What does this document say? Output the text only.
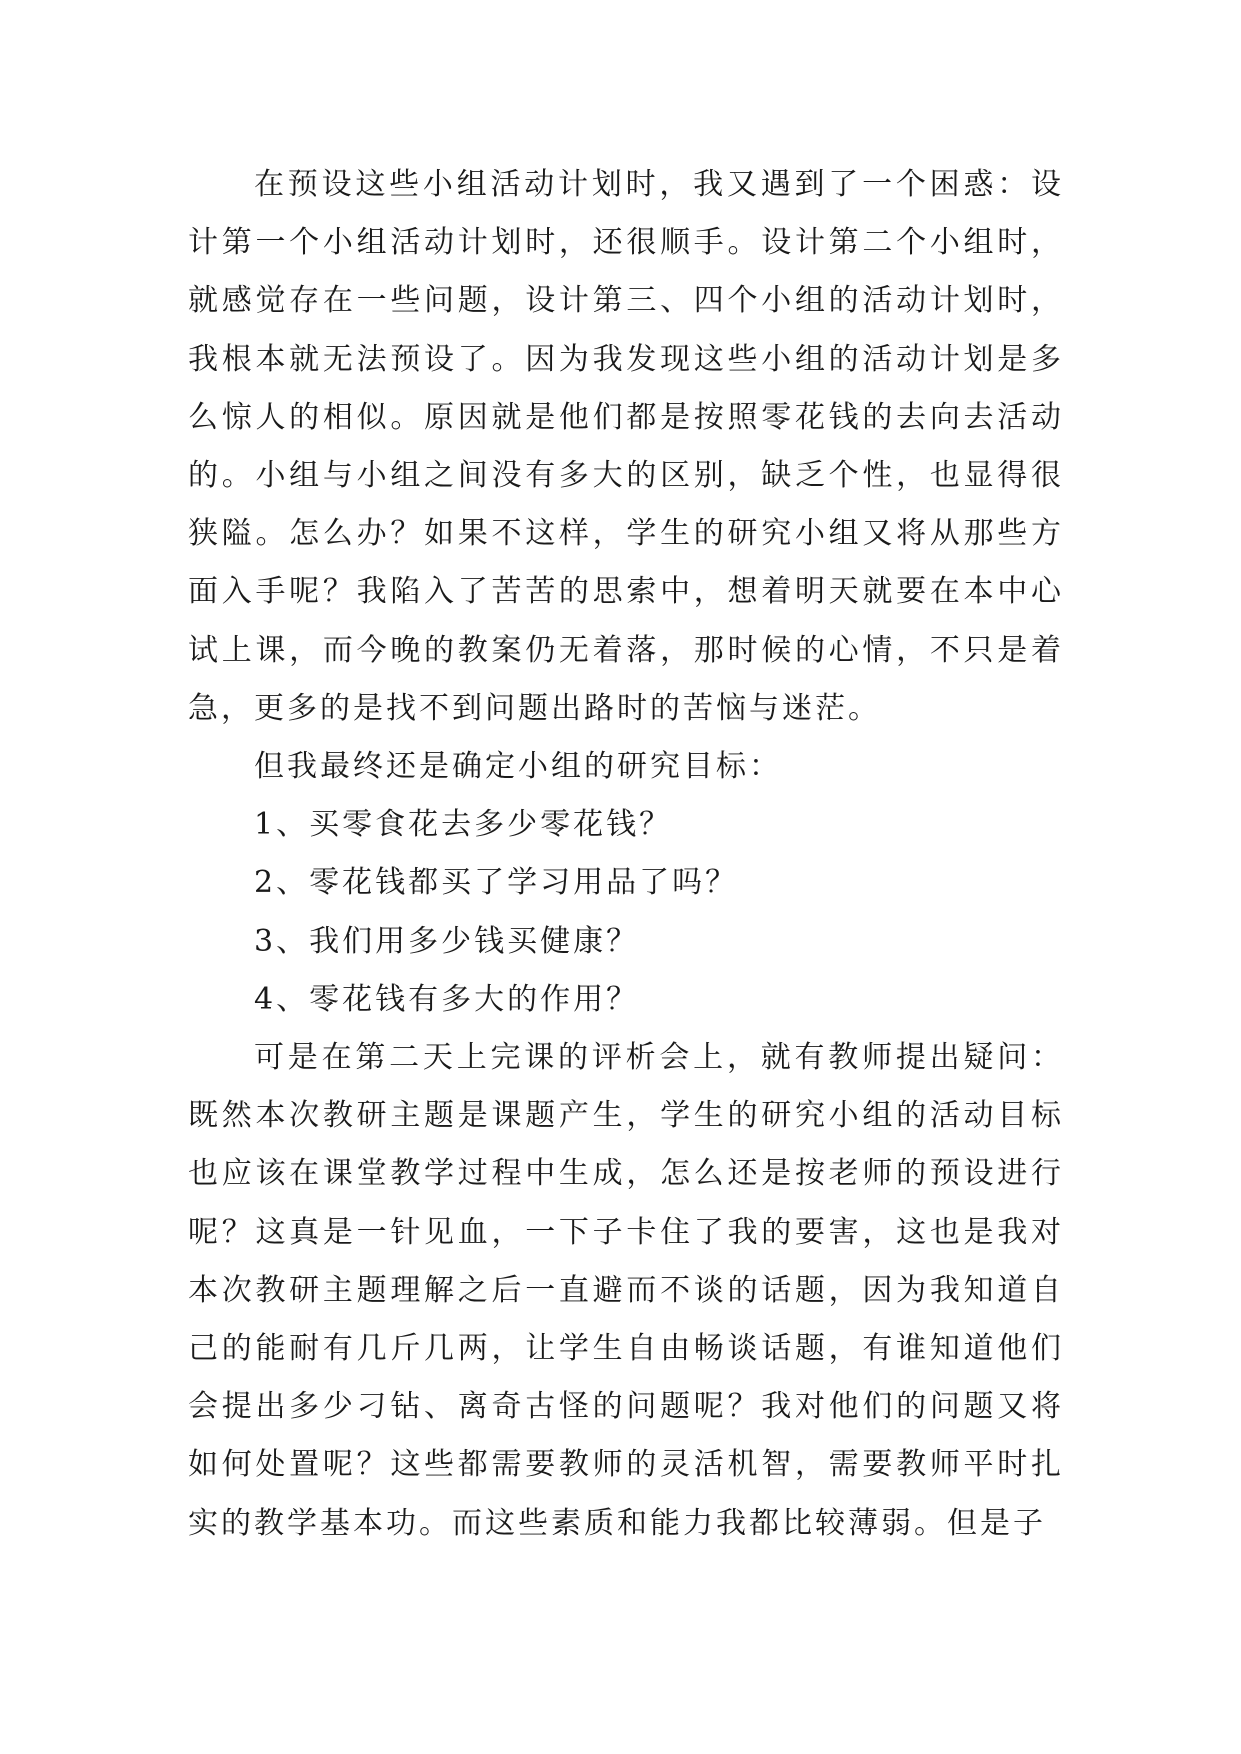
在预设这些小组活动计划时，我又遇到了一个困惑：设计第一个小组活动计划时，还很顺手。设计第二个小组时，就感觉存在一些问题，设计第三、四个小组的活动计划时，我根本就无法预设了。因为我发现这些小组的活动计划是多么惊人的相似。原因就是他们都是按照零花钱的去向去活动的。小组与小组之间没有多大的区别，缺乏个性，也显得很狭隘。怎么办？如果不这样，学生的研究小组又将从那些方面入手呢？我陷入了苦苦的思索中，想着明天就要在本中心试上课，而今晚的教案仍无着落，那时候的心情，不只是着急，更多的是找不到问题出路时的苦恼与迷茫。

但我最终还是确定小组的研究目标：

1、买零食花去多少零花钱？

2、零花钱都买了学习用品了吗？

3、我们用多少钱买健康？

4、零花钱有多大的作用？

可是在第二天上完课的评析会上，就有教师提出疑问：既然本次教研主题是课题产生，学生的研究小组的活动目标也应该在课堂教学过程中生成，怎么还是按老师的预设进行呢？这真是一针见血，一下子卡住了我的要害，这也是我对本次教研主题理解之后一直避而不谈的话题，因为我知道自己的能耐有几斤几两，让学生自由畅谈话题，有谁知道他们会提出多少刁钻、离奇古怪的问题呢？我对他们的问题又将如何处置呢？这些都需要教师的灵活机智，需要教师平时扎实的教学基本功。而这些素质和能力我都比较薄弱。但是子
